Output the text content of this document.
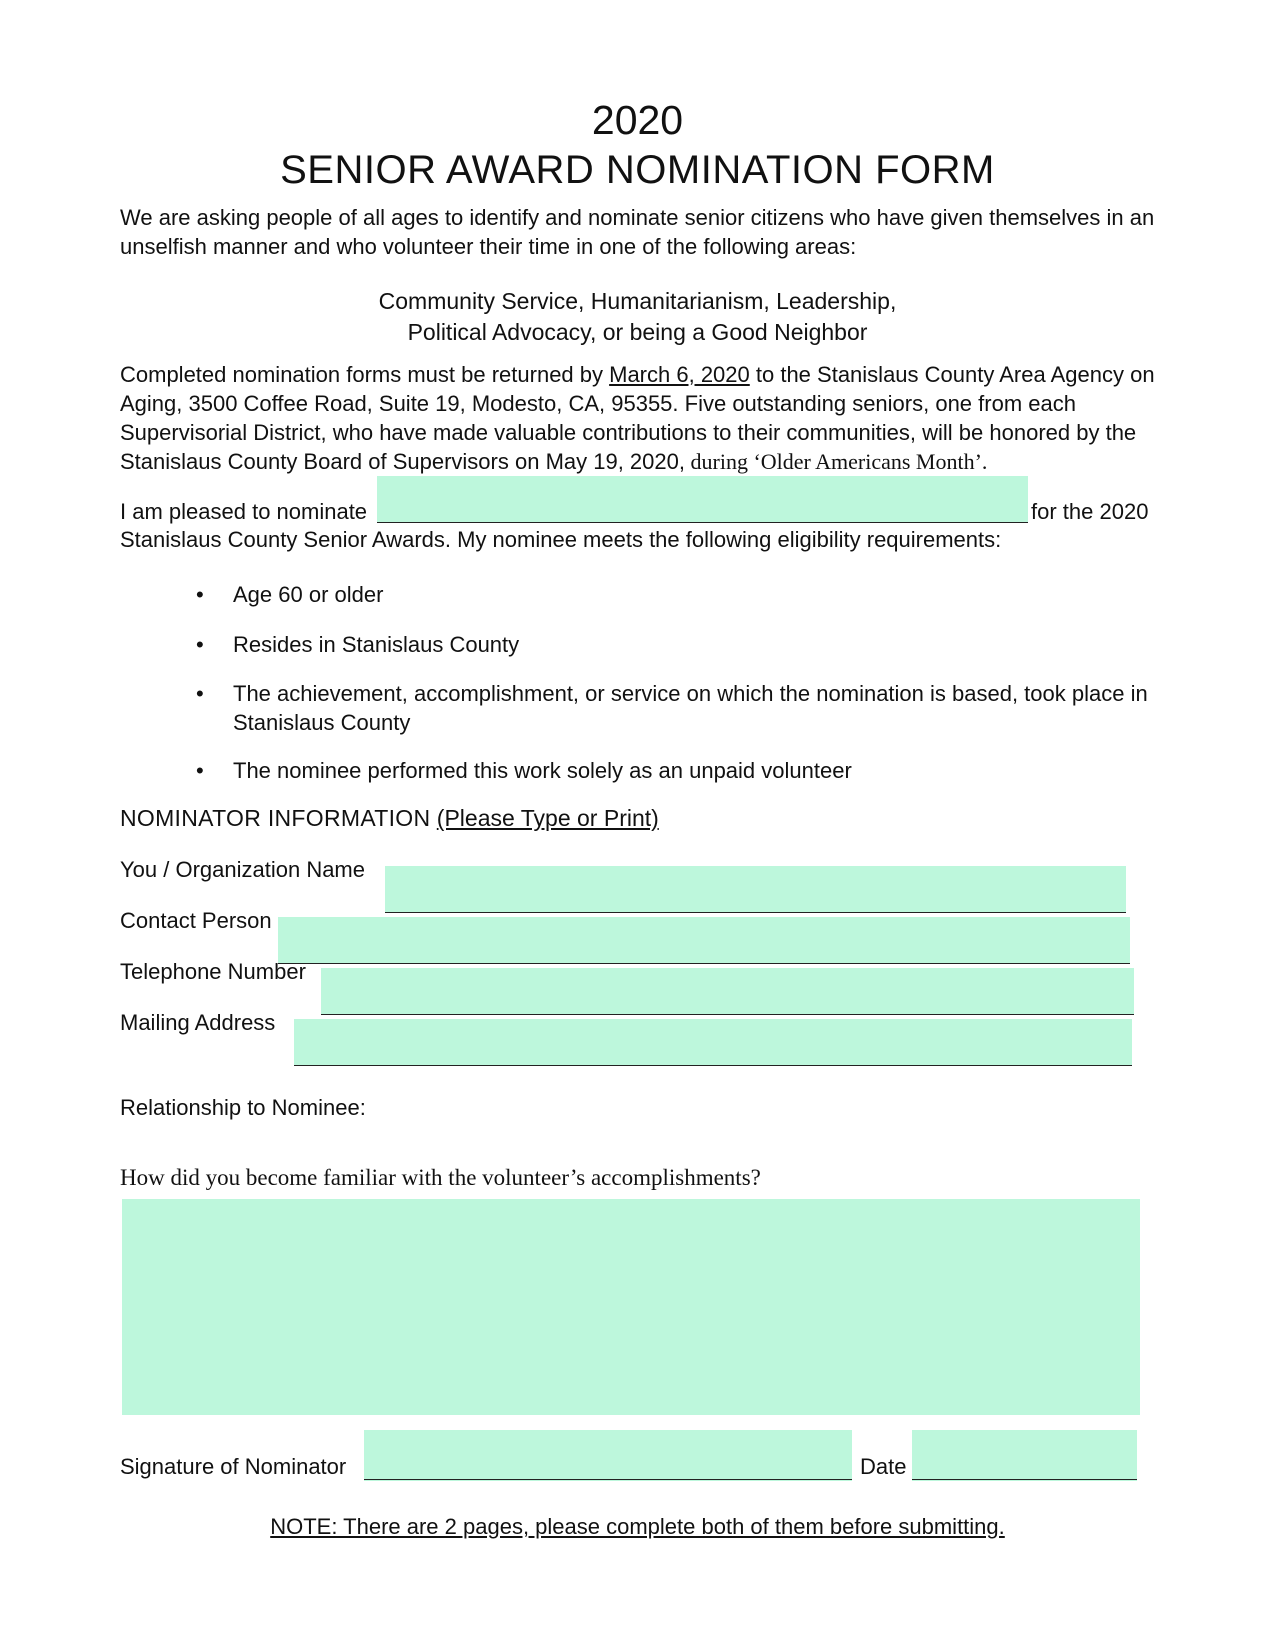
2020
SENIOR AWARD NOMINATION FORM
We are asking people of all ages to identify and nominate senior citizens who have given themselves in an unselfish manner and who volunteer their time in one of the following areas:
Community Service, Humanitarianism, Leadership,
Political Advocacy, or being a Good Neighbor
Completed nomination forms must be returned by March 6, 2020 to the Stanislaus County Area Agency on Aging, 3500 Coffee Road, Suite 19, Modesto, CA, 95355. Five outstanding seniors, one from each Supervisorial District, who have made valuable contributions to their communities, will be honored by the Stanislaus County Board of Supervisors on May 19, 2020, during ‘Older Americans Month’.
I am pleased to nominate	for the 2020
Stanislaus County Senior Awards. My nominee meets the following eligibility requirements:
• Age 60 or older
• Resides in Stanislaus County
• The achievement, accomplishment, or service on which the nomination is based, took place in Stanislaus County
• The nominee performed this work solely as an unpaid volunteer
NOMINATOR INFORMATION (Please Type or Print)
You / Organization Name
Contact Person
Telephone Number
Mailing Address
Relationship to Nominee:
How did you become familiar with the volunteer’s accomplishments?
Signature of Nominator	Date
NOTE: There are 2 pages, please complete both of them before submitting.
